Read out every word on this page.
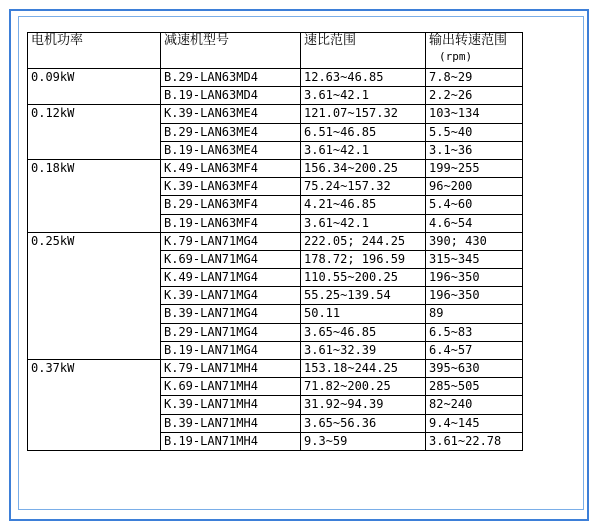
电机功率	减速机型号	速比范围	输出转速范围
(rpm)

0.09kW	B.29-LAN63MD4	12.63~46.85	7.8~29
	B.19-LAN63MD4	3.61~42.1	2.2~26
0.12kW	K.39-LAN63ME4	121.07~157.32	103~134
	B.29-LAN63ME4	6.51~46.85	5.5~40
	B.19-LAN63ME4	3.61~42.1	3.1~36
0.18kW	K.49-LAN63MF4	156.34~200.25	199~255
	K.39-LAN63MF4	75.24~157.32	96~200
	B.29-LAN63MF4	4.21~46.85	5.4~60
	B.19-LAN63MF4	3.61~42.1	4.6~54
0.25kW	K.79-LAN71MG4	222.05; 244.25	390; 430
	K.69-LAN71MG4	178.72; 196.59	315~345
	K.49-LAN71MG4	110.55~200.25	196~350
	K.39-LAN71MG4	55.25~139.54	196~350
	B.39-LAN71MG4	50.11	89
	B.29-LAN71MG4	3.65~46.85	6.5~83
	B.19-LAN71MG4	3.61~32.39	6.4~57
0.37kW	K.79-LAN71MH4	153.18~244.25	395~630
	K.69-LAN71MH4	71.82~200.25	285~505
	K.39-LAN71MH4	31.92~94.39	82~240
	B.39-LAN71MH4	3.65~56.36	9.4~145
	B.19-LAN71MH4	9.3~59	3.61~22.78
